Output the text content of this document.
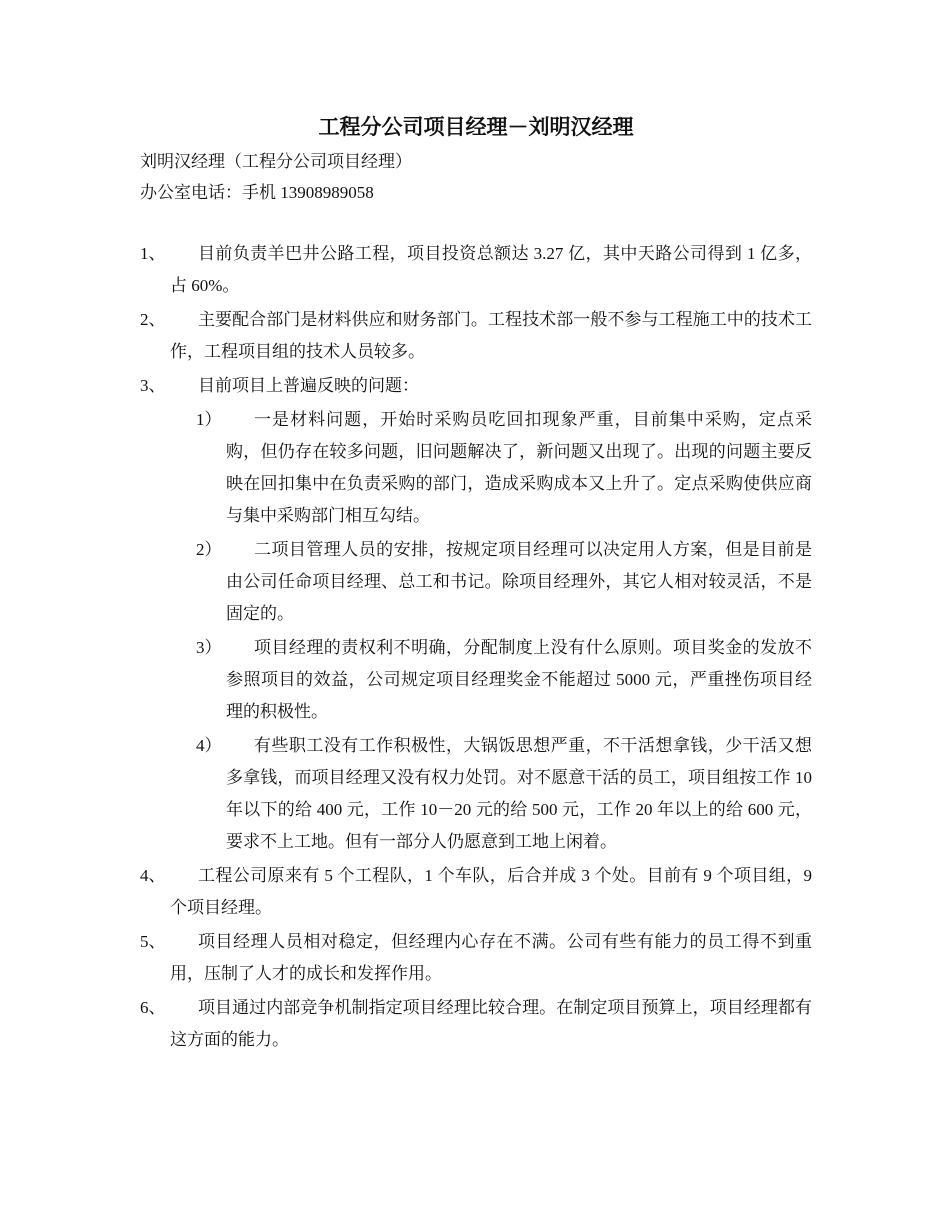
工程分公司项目经理－刘明汉经理
刘明汉经理（工程分公司项目经理）
办公室电话：手机 13908989058
1、	目前负责羊巴井公路工程，项目投资总额达 3.27 亿，其中天路公司得到 1 亿多，占 60%。
2、	主要配合部门是材料供应和财务部门。工程技术部一般不参与工程施工中的技术工作，工程项目组的技术人员较多。
3、	目前项目上普遍反映的问题：
1）	一是材料问题，开始时采购员吃回扣现象严重，目前集中采购，定点采购，但仍存在较多问题，旧问题解决了，新问题又出现了。出现的问题主要反映在回扣集中在负责采购的部门，造成采购成本又上升了。定点采购使供应商与集中采购部门相互勾结。
2）	二项目管理人员的安排，按规定项目经理可以决定用人方案，但是目前是由公司任命项目经理、总工和书记。除项目经理外，其它人相对较灵活，不是固定的。
3）	项目经理的责权利不明确，分配制度上没有什么原则。项目奖金的发放不参照项目的效益，公司规定项目经理奖金不能超过 5000 元，严重挫伤项目经理的积极性。
4）	有些职工没有工作积极性，大锅饭思想严重，不干活想拿钱，少干活又想多拿钱，而项目经理又没有权力处罚。对不愿意干活的员工，项目组按工作 10 年以下的给 400 元，工作 10－20 元的给 500 元，工作 20 年以上的给 600 元，要求不上工地。但有一部分人仍愿意到工地上闲着。
4、	工程公司原来有 5 个工程队，1 个车队，后合并成 3 个处。目前有 9 个项目组，9 个项目经理。
5、	项目经理人员相对稳定，但经理内心存在不满。公司有些有能力的员工得不到重用，压制了人才的成长和发挥作用。
6、	项目通过内部竞争机制指定项目经理比较合理。在制定项目预算上，项目经理都有这方面的能力。
